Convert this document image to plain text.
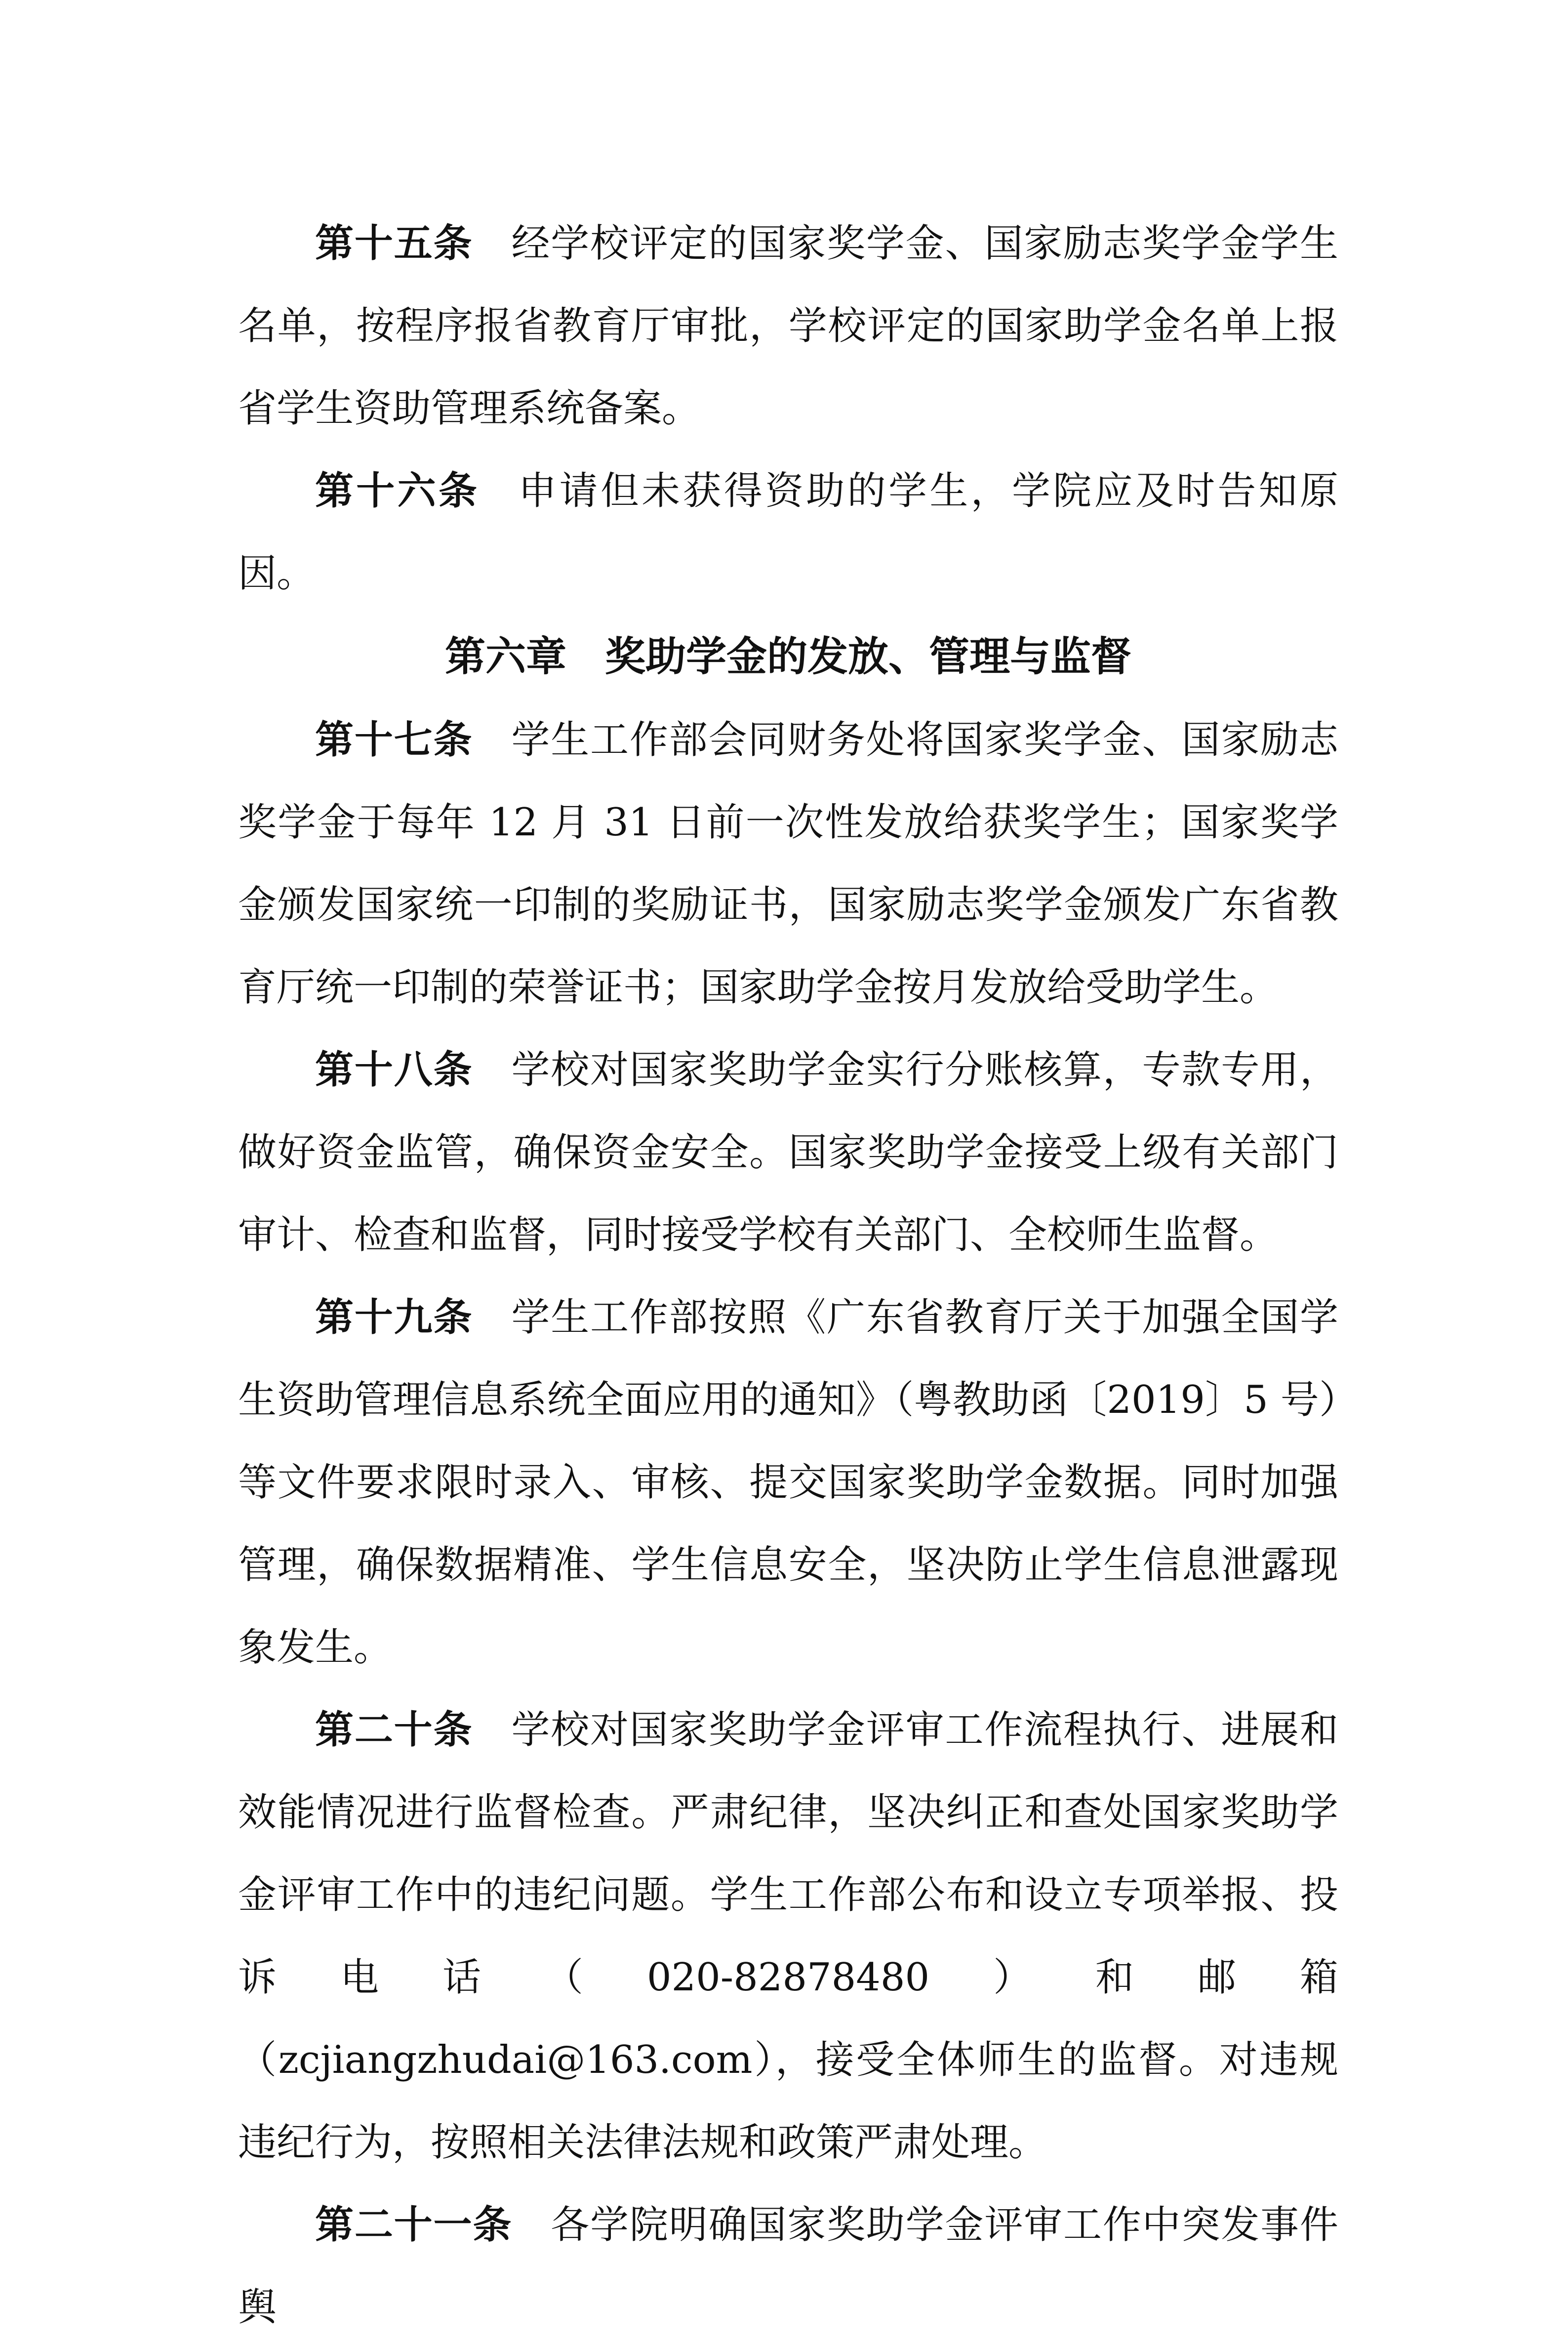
第十五条 经学校评定的国家奖学金、国家励志奖学金学生名单，按程序报省教育厅审批，学校评定的国家助学金名单上报省学生资助管理系统备案。

第十六条 申请但未获得资助的学生，学院应及时告知原因。

第六章 奖助学金的发放、管理与监督

第十七条 学生工作部会同财务处将国家奖学金、国家励志奖学金于每年 12 月 31 日前一次性发放给获奖学生；国家奖学金颁发国家统一印制的奖励证书，国家励志奖学金颁发广东省教育厅统一印制的荣誉证书；国家助学金按月发放给受助学生。

第十八条 学校对国家奖助学金实行分账核算，专款专用，做好资金监管，确保资金安全。国家奖助学金接受上级有关部门审计、检查和监督，同时接受学校有关部门、全校师生监督。

第十九条 学生工作部按照《广东省教育厅关于加强全国学生资助管理信息系统全面应用的通知》（粤教助函〔2019〕5 号）等文件要求限时录入、审核、提交国家奖助学金数据。同时加强管理，确保数据精准、学生信息安全，坚决防止学生信息泄露现象发生。

第二十条 学校对国家奖助学金评审工作流程执行、进展和效能情况进行监督检查。严肃纪律，坚决纠正和查处国家奖助学金评审工作中的违纪问题。学生工作部公布和设立专项举报、投诉电话（020-82878480）和邮箱 （zcjiangzhudai@163.com），接受全体师生的监督。对违规违纪行为，按照相关法律法规和政策严肃处理。

第二十一条 各学院明确国家奖助学金评审工作中突发事件舆
